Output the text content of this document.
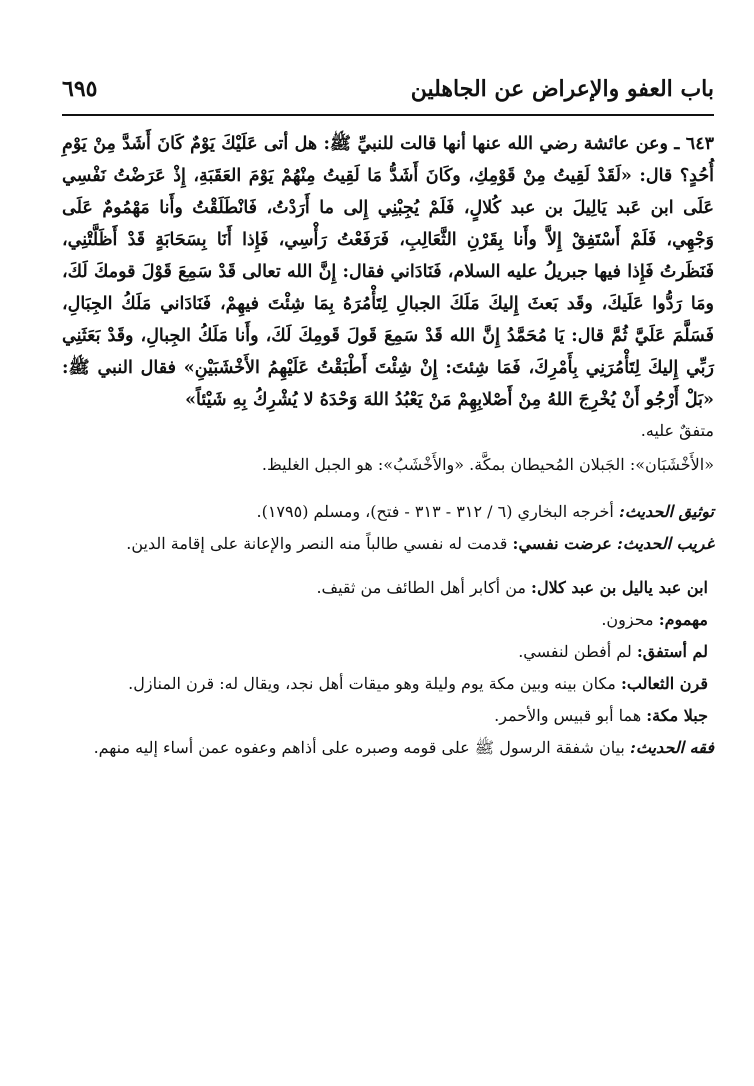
باب العفو والإعراض عن الجاهلين
٦٩٥

٦٤٣ ـ وعن عائشة رضي الله عنها أنها قالت للنبيِّ ﷺ: هل أتى عَلَيْكَ يَوْمٌ كَانَ أَشَدَّ مِنْ يَوْمِ أُحُدٍ؟ قال: «لَقَدْ لَقِيتُ مِنْ قَوْمِكِ، وكَانَ أَشَدُّ مَا لَقِيتُ مِنْهُمْ يَوْمَ العَقَبَةِ، إِذْ عَرَضْتُ نَفْسِي عَلَى ابن عَبد يَالِيلَ بن عبد كُلالٍ، فَلَمْ يُجِبْنِي إِلى ما أَرَدْتُ، فَانْطَلَقْتُ وأَنا مَهْمُومٌ عَلَى وَجْهِي، فَلَمْ أَسْتَفِقْ إِلاَّ وأَنا بِقَرْنِ الثَّعَالِبِ، فَرَفَعْتُ رَأْسِي، فَإِذا أَنَا بِسَحَابَةٍ قَدْ أَظَلَّتْنِي، فَنَظَرتُ فَإِذا فيها جبريلُ عليه السلام، فَنَادَاني فقال: إِنَّ الله تعالى قَدْ سَمِعَ قَوْلَ قومكَ لَكَ، ومَا رَدُّوا عَلَيكَ، وقَد بَعثَ إِليكَ مَلَكَ الجبالِ لِتَأْمُرَهُ بِمَا شِئْتَ فيهِمْ، فَنَادَاني مَلَكُ الجِبَالِ، فَسَلَّمَ عَلَيَّ ثُمَّ قال: يَا مُحَمَّدُ إِنَّ الله قَدْ سَمِعَ قَولَ قَومِكَ لَكَ، وأَنا مَلَكُ الجِبالِ، وقَدْ بَعَثَنِي رَبِّي إِليكَ لِتَأْمُرَنِي بِأَمْرِكَ، فَمَا شِئتَ: إِنْ شِئْتَ أَطْبَقْتُ عَلَيْهِمُ الأَخْشَبَيْنِ» فقال النبي ﷺ: «بَلْ أَرْجُو أَنْ يُخْرِجَ اللهُ مِنْ أَصْلابِهِمْ مَنْ يَعْبُدُ اللهَ وَحْدَهُ لا يُشْرِكُ بِهِ شَيْئاً»

متفقٌ عليه.

«الأَخْشَبَان»: الجَبلان المُحيطان بمكَّة. «والأَخْشَبُ»: هو الجبل الغليظ.

توثيق الحديث: أخرجه البخاري (٦ / ٣١٢ - ٣١٣ - فتح)، ومسلم (١٧٩٥).

غريب الحديث: عرضت نفسي: قدمت له نفسي طالباً منه النصر والإعانة على إقامة الدين.

ابن عبد ياليل بن عبد كلال: من أكابر أهل الطائف من ثقيف.
مهموم: محزون.
لم أستفق: لم أفطن لنفسي.
قرن الثعالب: مكان بينه وبين مكة يوم وليلة وهو ميقات أهل نجد، ويقال له: قرن المنازل.
جبلا مكة: هما أبو قبيس والأحمر.

فقه الحديث: بيان شفقة الرسول ﷺ على قومه وصبره على أذاهم وعفوه عمن أساء إليه منهم.
